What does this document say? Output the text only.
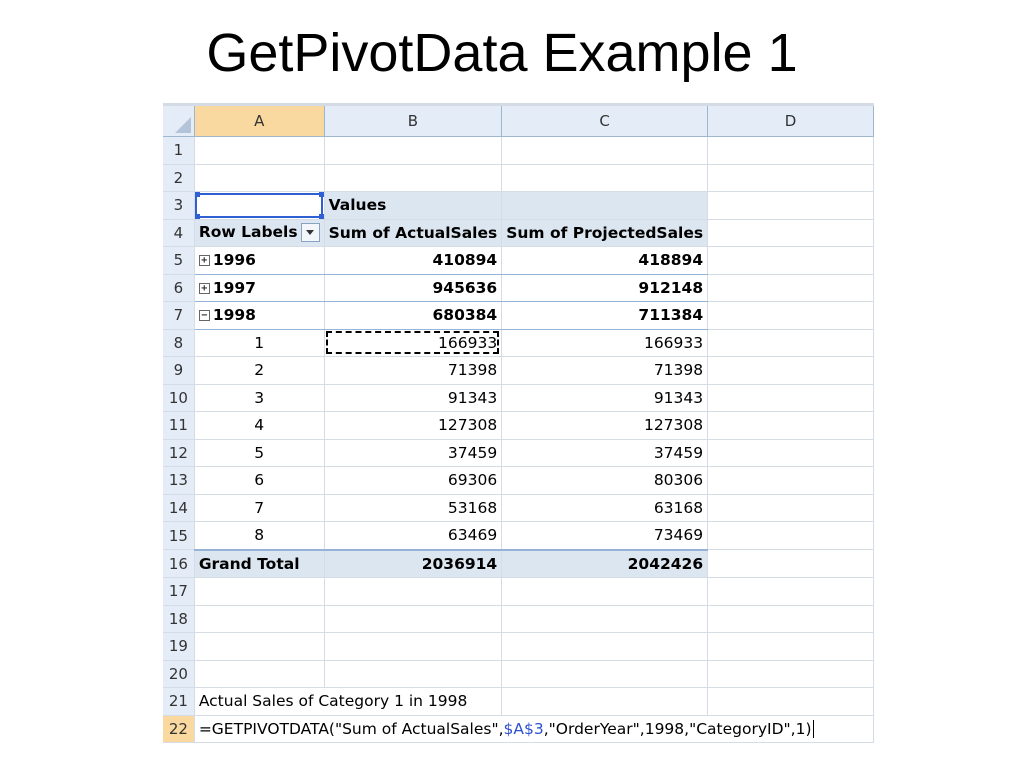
GetPivotData Example 1
	A	B	C	D
1				
2				
3		Values		
4	Row Labels	Sum of ActualSales	Sum of ProjectedSales	
5	+ 1996	410894	418894	
6	+ 1997	945636	912148	
7	− 1998	680384	711384	
8	1	166933	166933	
9	2	71398	71398	
10	3	91343	91343	
11	4	127308	127308	
12	5	37459	37459	
13	6	69306	80306	
14	7	53168	63168	
15	8	63469	73469	
16	Grand Total	2036914	2042426	
17				
18				
19				
20				
21	Actual Sales of Category 1 in 1998			
22	=GETPIVOTDATA("Sum of ActualSales",$A$3,"OrderYear",1998,"CategoryID",1)			
